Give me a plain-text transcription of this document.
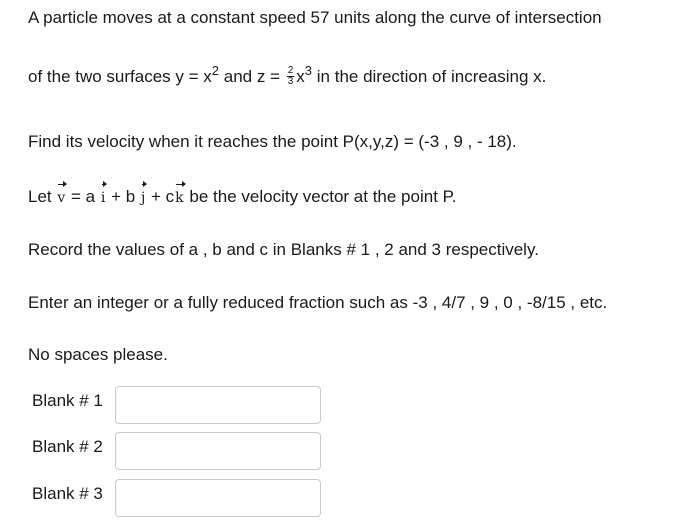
A particle moves at a constant speed 57 units along the curve of intersection
of the two surfaces $y = x^2$ and $z = \frac{2}{3} x^3$ in the direction of increasing x.
Find its velocity when it reaches the point P(x,y,z) = (-3 , 9 , - 18).
Let v = a i + b j + ck be the velocity vector at the point P.
Record the values of a , b and c in Blanks # 1 , 2 and 3 respectively.
Enter an integer or a fully reduced fraction such as -3 , 4/7 , 9 , 0 , -8/15 , etc.
No spaces please.
Blank # 1
Blank # 2
Blank # 3
